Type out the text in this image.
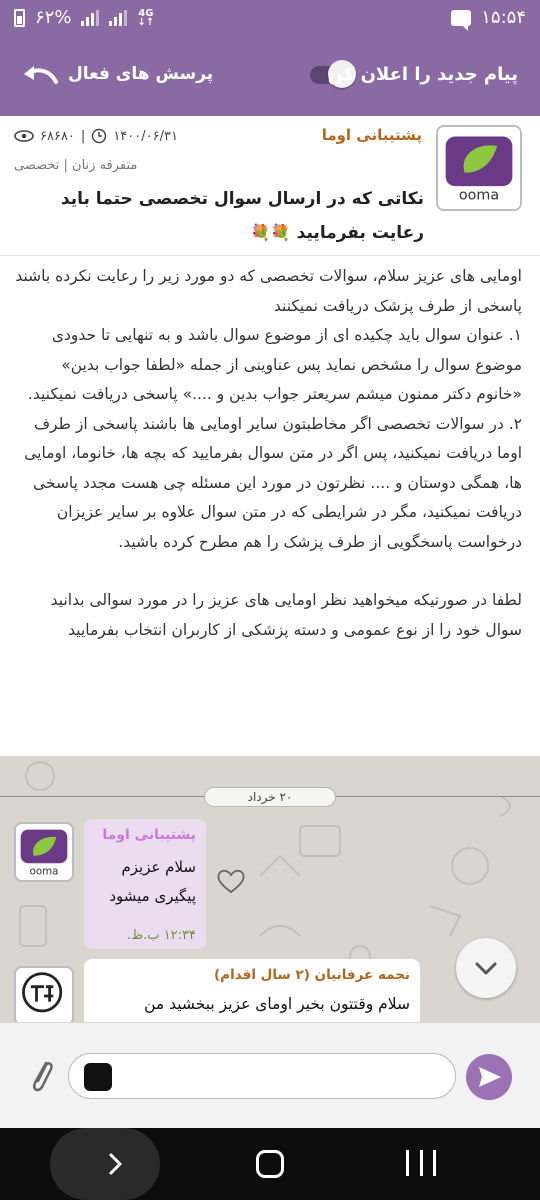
۶۲%	4G
↓↑	۱۵:۵۴
پرسش های فعال	پیام جدید را اعلان کن
ooma
پشتیبانی اوما
۶۸۶۸۰ | ۱۴۰۰/۰۶/۳۱
متفرقه زنان | تخصصی
نکاتی که در ارسال سوال تخصصی حتما باید رعایت بفرمایید 💐💐

اومایی های عزیز سلام، سوالات تخصصی که دو مورد زیر را رعایت نکرده باشند پاسخی از طرف پزشک دریافت نمیکنند

۱. عنوان سوال باید چکیده ای از موضوع سوال باشد و به تنهایی تا حدودی موضوع سوال را مشخص نماید پس عناوینی از جمله «لطفا جواب بدین» «خانوم دکتر ممنون میشم سریعتر جواب بدین و ....» پاسخی دریافت نمیکنید.

۲. در سوالات تخصصی اگر مخاطبتون سایر اومایی ها باشند پاسخی از طرف اوما دریافت نمیکنید، پس اگر در متن سوال بفرمایید که بچه ها، خانوما، اومایی ها، همگی دوستان و .... نظرتون در مورد این مسئله چی هست مجدد پاسخی دریافت نمیکنید، مگر در شرایطی که در متن سوال علاوه بر سایر عزیزان درخواست پاسخگویی از طرف پزشک را هم مطرح کرده باشید.

لطفا در صورتیکه میخواهید نظر اومایی های عزیز را در مورد سوالی بدانید سوال خود را از نوع عمومی و دسته پزشکی از کاربران انتخاب بفرمایید

۲۰ خرداد
ooma
پشتیبانی اوما
سلام عزیزم پیگیری میشود
۱۲:۳۴ ب.ظ.
نجمه عرفانیان (۲ سال اقدام)
سلام وقتتون بخیر اومای عزیز ببخشید من
